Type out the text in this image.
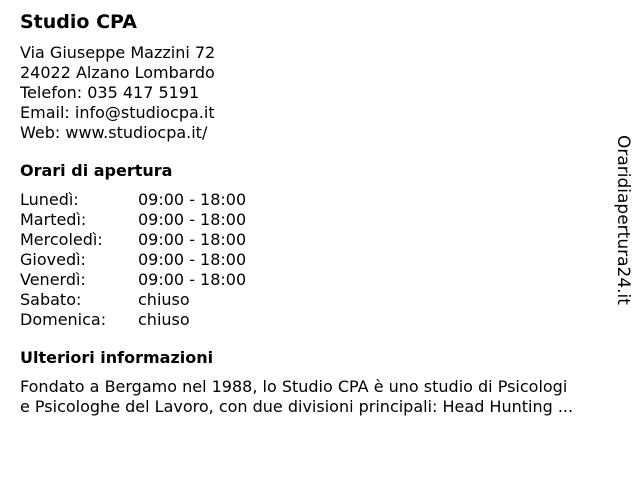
Studio CPA
Via Giuseppe Mazzini 72
24022 Alzano Lombardo
Telefon: 035 417 5191
Email: info@studiocpa.it
Web: www.studiocpa.it/
Orari di apertura
Lunedì:	09:00 - 18:00
Martedì:	09:00 - 18:00
Mercoledì:	09:00 - 18:00
Giovedì:	09:00 - 18:00
Venerdì:	09:00 - 18:00
Sabato:	chiuso
Domenica:	chiuso
Ulteriori informazioni
Fondato a Bergamo nel 1988, lo Studio CPA è uno studio di Psicologi
e Psicologhe del Lavoro, con due divisioni principali: Head Hunting ...
Oraridiapertura24.it
